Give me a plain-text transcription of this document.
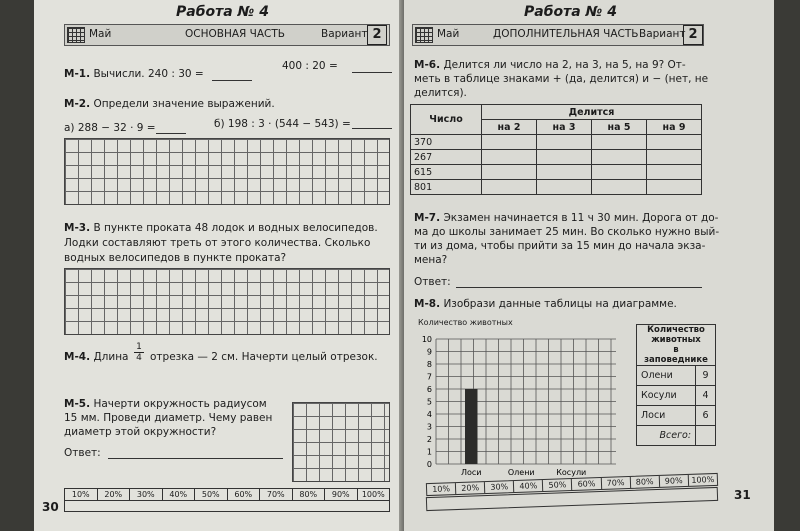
Работа № 4
Май	ОСНОВНАЯ ЧАСТЬ	Вариант 2
М-1. Вычисли. 240 : 30 =
400 : 20 =
М-2. Определи значение выражений.
а) 288 − 32 · 9 =	б) 198 : 3 · (544 − 543) =
М-3. В пункте проката 48 лодок и водных велосипедов.
Лодки составляют треть от этого количества. Сколько
водных велосипедов в пункте проката?
М-4. Длина
1
4 отрезка — 2 см. Начерти целый отрезок.
М-5. Начерти окружность радиусом
15 мм. Проведи диаметр. Чему равен
диаметр этой окружности?
Ответ:
10%	20%	30%	40%	50%	60%	70%	80%	90%	100%
30
Работа № 4
Май	ДОПОЛНИТЕЛЬНАЯ ЧАСТЬ Вариант 2
М-6. Делится ли число на 2, на 3, на 5, на 9? От-
меть в таблице знаками + (да, делится) и − (нет, не
делится).
Число	Делится			
	на 2	на 3	на 5	на 9
370				
267				
615				
801				
М-7. Экзамен начинается в 11 ч 30 мин. Дорога от до-
ма до школы занимает 25 мин. Во сколько нужно вый-
ти из дома, чтобы прийти за 15 мин до начала экза-
мена?
Ответ:
М-8. Изобрази данные таблицы на диаграмме.
Количество животных
0
1
2
3
4
5
6
7
8
9
10
Лоси	Олени	Косули
Количество
животных
в заповеднике	

Олени	9
Косули	4
Лоси	6
Всего:	
10%	20%	30%	40%	50%	60%	70%	80%	90%	100%
31
